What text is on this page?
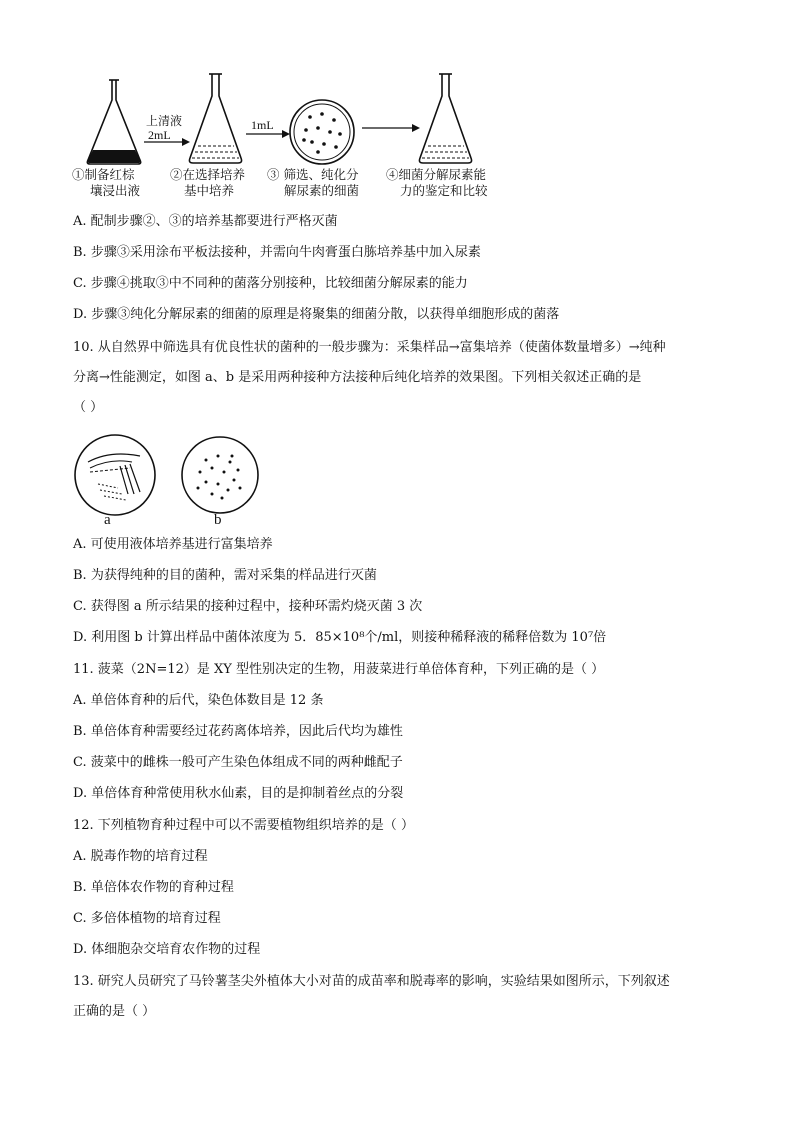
上清液
2mL
1mL
①制备红棕
壤浸出液
②在选择培养
基中培养
③ 筛选、纯化分
解尿素的细菌
④细菌分解尿素能
力的鉴定和比较
A. 配制步骤②、③的培养基都要进行严格灭菌
B. 步骤③采用涂布平板法接种，并需向牛肉膏蛋白胨培养基中加入尿素
C. 步骤④挑取③中不同种的菌落分别接种，比较细菌分解尿素的能力
D. 步骤③纯化分解尿素的细菌的原理是将聚集的细菌分散，以获得单细胞形成的菌落
10. 从自然界中筛选具有优良性状的菌种的一般步骤为：采集样品→富集培养（使菌体数量增多）→纯种
分离→性能测定，如图 a、b 是采用两种接种方法接种后纯化培养的效果图。下列相关叙述正确的是
（ ）
a	b
A. 可使用液体培养基进行富集培养
B. 为获得纯种的目的菌种，需对采集的样品进行灭菌
C. 获得图 a 所示结果的接种过程中，接种环需灼烧灭菌 3 次
D. 利用图 b 计算出样品中菌体浓度为 5．85×10⁸个/ml，则接种稀释液的稀释倍数为 10⁷倍
11. 菠菜（2N=12）是 XY 型性别决定的生物，用菠菜进行单倍体育种，下列正确的是（ ）
A. 单倍体育种的后代，染色体数目是 12 条
B. 单倍体育种需要经过花药离体培养，因此后代均为雄性
C. 菠菜中的雌株一般可产生染色体组成不同的两种雌配子
D. 单倍体育种常使用秋水仙素，目的是抑制着丝点的分裂
12. 下列植物育种过程中可以不需要植物组织培养的是（ ）
A. 脱毒作物的培育过程
B. 单倍体农作物的育种过程
C. 多倍体植物的培育过程
D. 体细胞杂交培育农作物的过程
13. 研究人员研究了马铃薯茎尖外植体大小对苗的成苗率和脱毒率的影响，实验结果如图所示，下列叙述
正确的是（ ）
